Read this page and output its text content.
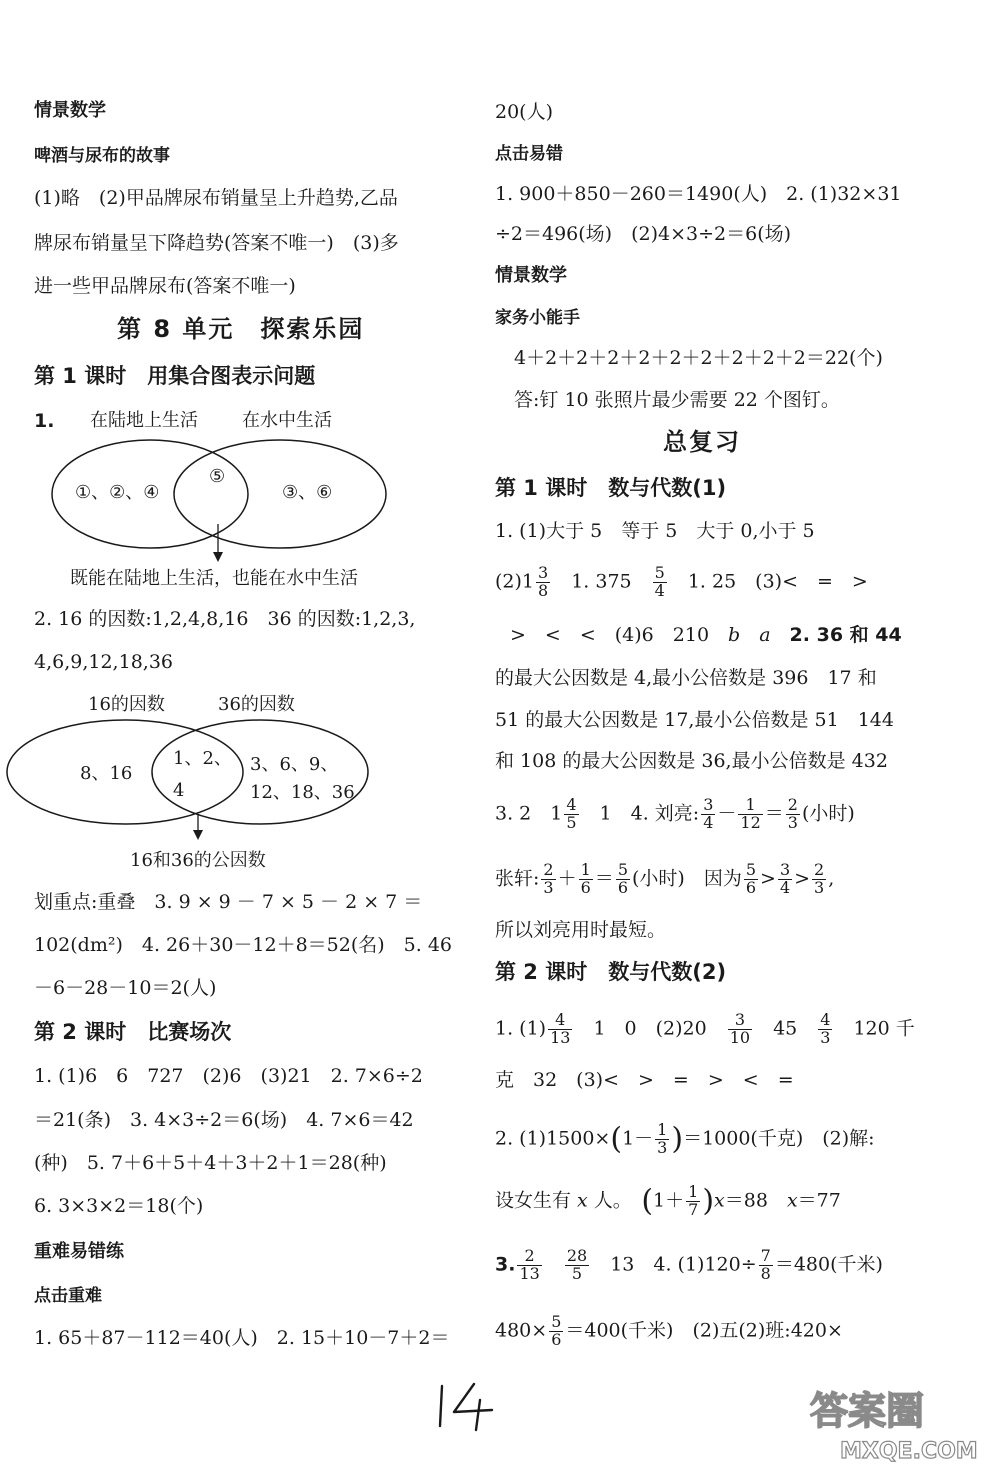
情景数学
啤酒与尿布的故事
(1)略　(2)甲品牌尿布销量呈上升趋势,乙品
牌尿布销量呈下降趋势(答案不唯一)　(3)多
进一些甲品牌尿布(答案不唯一)
第 8 单元　探索乐园
第 1 课时　用集合图表示问题
1. 在陆地上生活 在水中生活
①、②、④
⑤
③、⑥
既能在陆地上生活，也能在水中生活
2. 16 的因数:1,2,4,8,16　36 的因数:1,2,3,
4,6,9,12,18,36
16的因数	36的因数
8、16
1、2、
4
3、6、9、
12、18、36
16和36的公因数
划重点:重叠　3. 9 × 9 － 7 × 5 － 2 × 7 ＝
102(dm²)　4. 26＋30－12＋8＝52(名)　5. 46
－6－28－10＝2(人)
第 2 课时　比赛场次
1. (1)6　6　727　(2)6　(3)21　2. 7×6÷2
＝21(条)　3. 4×3÷2＝6(场)　4. 7×6＝42
(种)　5. 7＋6＋5＋4＋3＋2＋1＝28(种)
6. 3×3×2＝18(个)
重难易错练
点击重难
1. 65＋87－112＝40(人)　2. 15＋10－7＋2＝
20(人)
点击易错
1. 900＋850－260＝1490(人)　2. (1)32×31
÷2＝496(场)　(2)4×3÷2＝6(场)
情景数学
家务小能手
4＋2＋2＋2＋2＋2＋2＋2＋2＋2＝22(个)
答:钉 10 张照片最少需要 22 个图钉。
总复习
第 1 课时　数与代数(1)
1. (1)大于 5　等于 5　大于 0,小于 5
$(2)1 \frac{3}{8}$ 　1. 375　 $\frac{5}{4}$ 　1. 25　(3)<　=　>
>　<　<　(4)6　210　b　 a　2. 36 和 44
的最大公因数是 4,最小公倍数是 396　17 和
51 的最大公因数是 17,最小公倍数是 51　144
和 108 的最大公因数是 36,最小公倍数是 432
3. 2　$1 \frac{4}{5}$ 　1　4. 刘亮: $\frac{3}{4} - \frac{1}{12} = \frac{2}{3}$ (小时)
张轩: $\frac{2}{3} + \frac{1}{6} = \frac{5}{6}$ (小时)　因为 $\frac{5}{6} > \frac{3}{4} > \frac{2}{3}$ ,
所以刘亮用时最短。
第 2 课时　数与代数(2)
1. $(1) \frac{4}{13}$ 　1　0　(2)20　 $\frac{3}{10}$ 　45　 $\frac{4}{3}$ 　120 千
克　32　(3)<　>　=　>　<　=
2. $(1)1500\times(1- \frac{1}{3} )=1000$(千克)　(2)解:
设女生有 x 人。　$(1+ \frac{1}{7} )x=88$　x＝77
3. $\frac{2}{13}$
　 $\frac{28}{5}$ 　13　4. $(1)120\div \frac{7}{8} =480$(千米)
$480\times \frac{5}{6} =400$(千米)　(2)五(2)班:420×
14
答案圈
MXQE.COM
